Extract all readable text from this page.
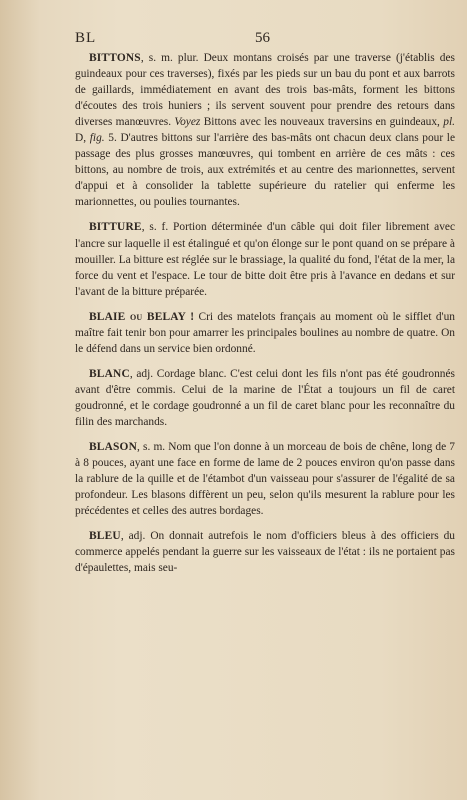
BL	56

BITTONS, s. m. plur. Deux montans croisés par une traverse (j'établis des guindeaux pour ces traverses), fixés par les pieds sur un bau du pont et aux barrots de gaillards, immédiatement en avant des trois bas-mâts, forment les bittons d'écoutes des trois huniers ; ils servent souvent pour prendre des retours dans diverses manœuvres. Voyez Bittons avec les nouveaux traversins en guindeaux, pl. D, fig. 5. D'autres bittons sur l'arrière des bas-mâts ont chacun deux clans pour le passage des plus grosses manœuvres, qui tombent en arrière de ces mâts : ces bittons, au nombre de trois, aux extrémités et au centre des marionnettes, servent d'appui et à consolider la tablette supérieure du ratelier qui enferme les marionnettes, ou poulies tournantes.

BITTURE, s. f. Portion déterminée d'un câble qui doit filer librement avec l'ancre sur laquelle il est étalingué et qu'on élonge sur le pont quand on se prépare à mouiller. La bitture est réglée sur le brassiage, la qualité du fond, l'état de la mer, la force du vent et l'espace. Le tour de bitte doit être pris à l'avance en dedans et sur l'avant de la bitture préparée.

BLAIE ou BELAY ! Cri des matelots français au moment où le sifflet d'un maître fait tenir bon pour amarrer les principales boulines au nombre de quatre. On le défend dans un service bien ordonné.

BLANC, adj. Cordage blanc. C'est celui dont les fils n'ont pas été goudronnés avant d'être commis. Celui de la marine de l'État a toujours un fil de caret goudronné, et le cordage goudronné a un fil de caret blanc pour les reconnaître du filin des marchands.

BLASON, s. m. Nom que l'on donne à un morceau de bois de chêne, long de 7 à 8 pouces, ayant une face en forme de lame de 2 pouces environ qu'on passe dans la rablure de la quille et de l'étambot d'un vaisseau pour s'assurer de l'égalité de sa profondeur. Les blasons diffèrent un peu, selon qu'ils mesurent la rablure pour les précédentes et celles des autres bordages.

BLEU, adj. On donnait autrefois le nom d'officiers bleus à des officiers du commerce appelés pendant la guerre sur les vaisseaux de l'état : ils ne portaient pas d'épaulettes, mais seu-
